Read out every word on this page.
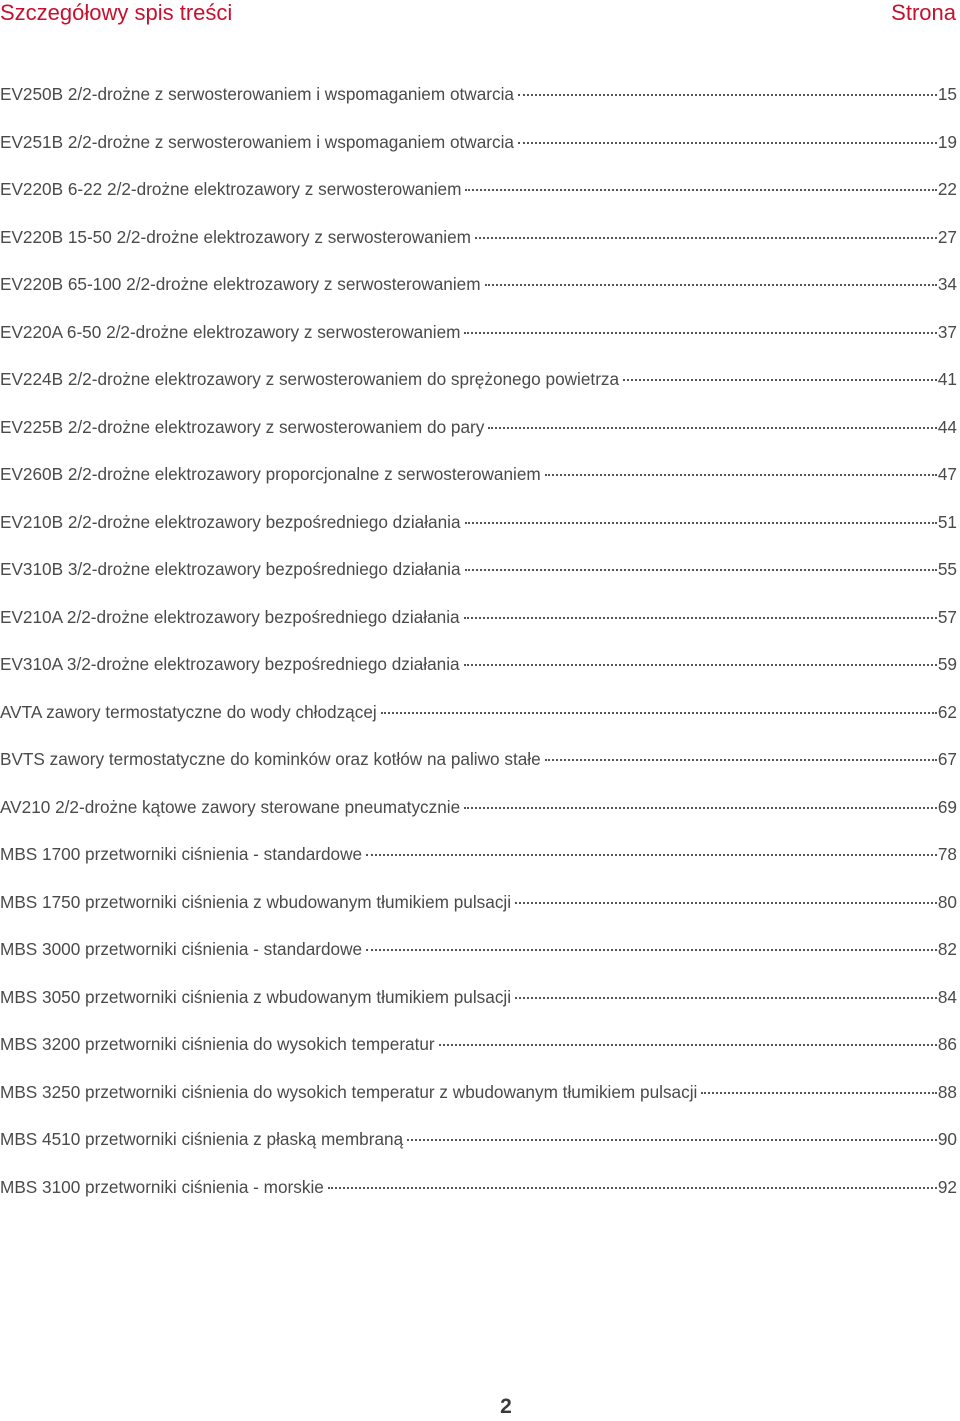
Szczegółowy spis treści	Strona
EV250B 2/2-drożne z serwosterowaniem i wspomaganiem otwarcia	15
EV251B 2/2-drożne z serwosterowaniem i wspomaganiem otwarcia	19
EV220B 6-22 2/2-drożne elektrozawory z serwosterowaniem	22
EV220B 15-50 2/2-drożne elektrozawory z serwosterowaniem	27
EV220B 65-100 2/2-drożne elektrozawory z serwosterowaniem	34
EV220A 6-50 2/2-drożne elektrozawory z serwosterowaniem	37
EV224B 2/2-drożne elektrozawory z serwosterowaniem do sprężonego powietrza	41
EV225B 2/2-drożne elektrozawory z serwosterowaniem do pary	44
EV260B 2/2-drożne elektrozawory proporcjonalne z serwosterowaniem	47
EV210B 2/2-drożne elektrozawory bezpośredniego działania	51
EV310B 3/2-drożne elektrozawory bezpośredniego działania	55
EV210A 2/2-drożne elektrozawory bezpośredniego działania	57
EV310A 3/2-drożne elektrozawory bezpośredniego działania	59
AVTA zawory termostatyczne do wody chłodzącej	62
BVTS zawory termostatyczne do kominków oraz kotłów na paliwo stałe	67
AV210 2/2-drożne kątowe zawory sterowane pneumatycznie	69
MBS 1700 przetworniki ciśnienia - standardowe	78
MBS 1750 przetworniki ciśnienia z wbudowanym tłumikiem pulsacji	80
MBS 3000 przetworniki ciśnienia - standardowe	82
MBS 3050 przetworniki ciśnienia z wbudowanym tłumikiem pulsacji	84
MBS 3200 przetworniki ciśnienia do wysokich temperatur	86
MBS 3250 przetworniki ciśnienia do wysokich temperatur z wbudowanym tłumikiem pulsacji	88
MBS 4510 przetworniki ciśnienia z płaską membraną	90
MBS 3100 przetworniki ciśnienia - morskie	92
2
